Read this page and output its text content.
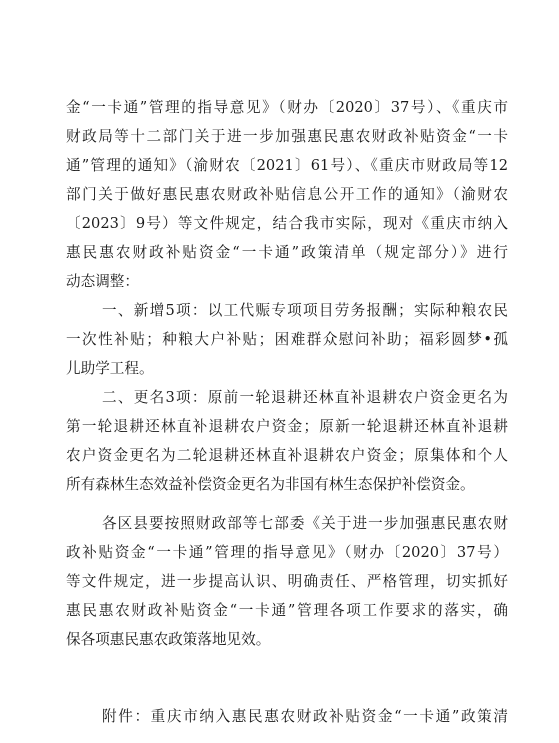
金“一卡通”管理的指导意见》（财办〔2020〕37号）、《重庆市
财政局等十二部门关于进一步加强惠民惠农财政补贴资金“一卡
通”管理的通知》（渝财农〔2021〕61号）、《重庆市财政局等12
部门关于做好惠民惠农财政补贴信息公开工作的通知》（渝财农
〔2023〕9号）等文件规定，结合我市实际，现对《重庆市纳入
惠民惠农财政补贴资金“一卡通”政策清单（规定部分）》进行
动态调整：
一、新增5项：以工代赈专项项目劳务报酬；实际种粮农民
一次性补贴；种粮大户补贴；困难群众慰问补助；福彩圆梦•孤
儿助学工程。
二、更名3项：原前一轮退耕还林直补退耕农户资金更名为
第一轮退耕还林直补退耕农户资金；原新一轮退耕还林直补退耕
农户资金更名为二轮退耕还林直补退耕农户资金；原集体和个人
所有森林生态效益补偿资金更名为非国有林生态保护补偿资金。
各区县要按照财政部等七部委《关于进一步加强惠民惠农财
政补贴资金“一卡通”管理的指导意见》（财办〔2020〕37号）
等文件规定，进一步提高认识、明确责任、严格管理，切实抓好
惠民惠农财政补贴资金“一卡通”管理各项工作要求的落实，确
保各项惠民惠农政策落地见效。
附件：重庆市纳入惠民惠农财政补贴资金“一卡通”政策清
